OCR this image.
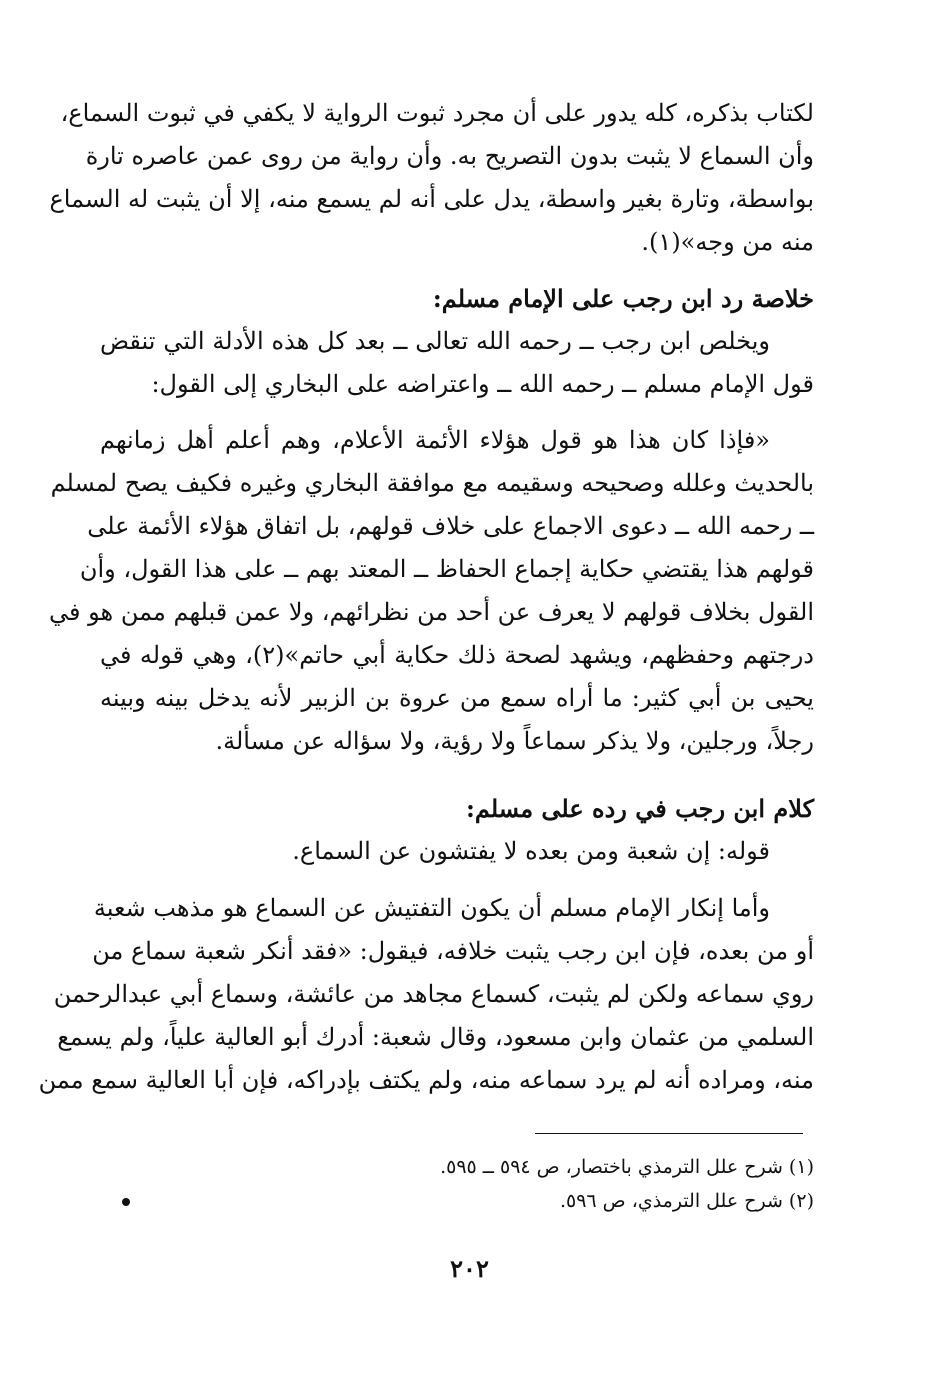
لكتاب بذكره، كله يدور على أن مجرد ثبوت الرواية لا يكفي في ثبوت السماع،
وأن السماع لا يثبت بدون التصريح به. وأن رواية من روى عمن عاصره تارة
بواسطة، وتارة بغير واسطة، يدل على أنه لم يسمع منه، إلا أن يثبت له السماع
منه من وجه»(١).
خلاصة رد ابن رجب على الإمام مسلم:
ويخلص ابن رجب ــ رحمه الله تعالى ــ بعد كل هذه الأدلة التي تنقض
قول الإمام مسلم ــ رحمه الله ــ واعتراضه على البخاري إلى القول:
«فإذا كان هذا هو قول هؤلاء الأئمة الأعلام، وهم أعلم أهل زمانهم
بالحديث وعلله وصحيحه وسقيمه مع موافقة البخاري وغيره فكيف يصح لمسلم
ــ رحمه الله ــ دعوى الاجماع على خلاف قولهم، بل اتفاق هؤلاء الأئمة على
قولهم هذا يقتضي حكاية إجماع الحفاظ ــ المعتد بهم ــ على هذا القول، وأن
القول بخلاف قولهم لا يعرف عن أحد من نظرائهم، ولا عمن قبلهم ممن هو في
درجتهم وحفظهم، ويشهد لصحة ذلك حكاية أبي حاتم»(٢)، وهي قوله في
يحيى بن أبي كثير: ما أراه سمع من عروة بن الزبير لأنه يدخل بينه وبينه
رجلاً، ورجلين، ولا يذكر سماعاً ولا رؤية، ولا سؤاله عن مسألة.
كلام ابن رجب في رده على مسلم:
قوله: إن شعبة ومن بعده لا يفتشون عن السماع.
وأما إنكار الإمام مسلم أن يكون التفتيش عن السماع هو مذهب شعبة
أو من بعده، فإن ابن رجب يثبت خلافه، فيقول: «فقد أنكر شعبة سماع من
روي سماعه ولكن لم يثبت، كسماع مجاهد من عائشة، وسماع أبي عبدالرحمن
السلمي من عثمان وابن مسعود، وقال شعبة: أدرك أبو العالية علياً، ولم يسمع
منه، ومراده أنه لم يرد سماعه منه، ولم يكتف بإدراكه، فإن أبا العالية سمع ممن
(١) شرح علل الترمذي باختصار، ص ٥٩٤ ــ ٥٩٥.
(٢) شرح علل الترمذي، ص ٥٩٦.
٢٠٢
